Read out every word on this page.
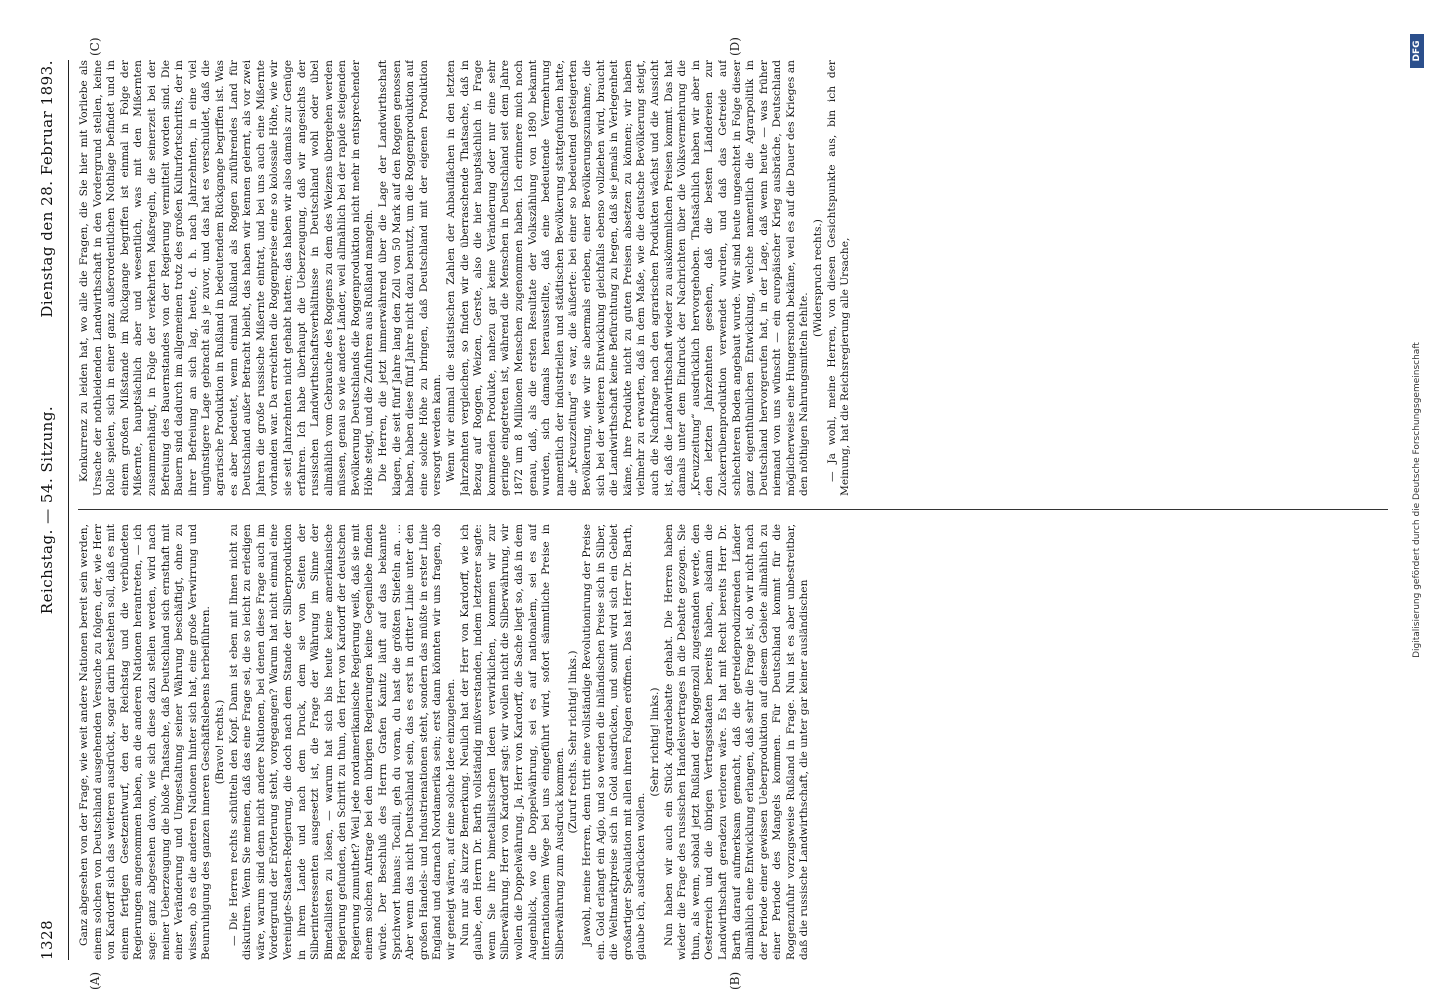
1328
Reichstag. — 54. Sitzung.
Dienstag den 28. Februar 1893.
(A)	(B)
(C)	(D)

Ganz abgesehen von der Frage, wie weit andere Nationen bereit sein werden, einem solchen von Deutschland ausgehenden Versuche zu folgen, der, wie Herr von Kardorff sich das weiteren ausdrückt, sogar darin bestehen soll, daß es mit einem fertigen Gesetzentwurf, den der Reichstag und die verbündeten Regierungen angenommen haben, an die anderen Nationen herantreten, — ich sage: ganz abgesehen davon, wie sich diese dazu stellen werden, wird nach meiner Ueberzeugung die bloße Thatsache, daß Deutschland sich ernsthaft mit einer Veränderung und Umgestaltung seiner Währung beschäftigt, ohne zu wissen, ob es die anderen Nationen hinter sich hat, eine große Verwirrung und Beunruhigung des ganzen inneren Geschäftslebens herbeiführen. (Bravo! rechts.) — Die Herren rechts schütteln den Kopf. Dann ist eben mit Ihnen nicht zu diskutiren. Wenn Sie meinen, daß das eine Frage sei, die so leicht zu erledigen wäre, warum sind denn nicht andere Nationen, bei denen diese Frage auch im Vordergrund der Erörterung steht, vorgegangen? Warum hat nicht einmal eine Vereinigte-Staaten-Regierung, die doch nach dem Stande der Silberproduktion in ihrem Lande und nach dem Druck, dem sie von Seiten der Silberinteressenten ausgesetzt ist, die Frage der Währung im Sinne der Bimetallisten zu lösen, — warum hat sich bis heute keine amerikanische Regierung gefunden, den Schritt zu thun, den Herr von Kardorff der deutschen Regierung zumuthet? Weil jede nordamerikanische Regierung weiß, daß sie mit einem solchen Antrage bei den übrigen Regierungen keine Gegenliebe finden würde. Der Beschluß des Herrn Grafen Kanitz läuft auf das bekannte Sprichwort hinaus: Tocalli, geh du voran, du hast die größten Stiefeln an. ... Aber wenn das nicht Deutschland sein, das es erst in dritter Linie unter den großen Handels- und Industrienationen steht, sondern das müßte in erster Linie England und darnach Nordamerika sein; erst dann könnten wir uns fragen, ob wir geneigt wären, auf eine solche Idee einzugehen. Nun nur als kurze Bemerkung. Neulich hat der Herr von Kardorff, wie ich glaube, den Herrn Dr. Barth vollständig mißverstanden, indem letzterer sagte: wenn Sie ihre bimetallistischen Ideen verwirklichen, kommen wir zur Silberwährung. Herr von Kardorff sagt: wir wollen nicht die Silberwährung, wir wollen die Doppelwährung. Ja, Herr von Kardorff, die Sache liegt so, daß in dem Augenblick, wo die Doppelwährung, sei es auf nationalem, sei es auf internationalem Wege bei uns eingeführt wird, sofort sämmtliche Preise in Silberwährung zum Ausdruck kommen.

(Zuruf rechts. Sehr richtig! links.) Jawohl, meine Herren, denn tritt eine vollständige Revolutionirung der Preise ein. Gold erlangt ein Agio, und so werden die inländischen Preise sich in Silber, die Weltmarktpreise sich in Gold ausdrücken, und somit wird sich ein Gebiet großartiger Spekulation mit allen ihren Folgen eröffnen. Das hat Herr Dr. Barth, glaube ich, ausdrücken wollen.

(Sehr richtig! links.) Nun haben wir auch ein Stück Agrardebatte gehabt. Die Herren haben wieder die Frage des russischen Handelsvertrages in die Debatte gezogen. Sie thun, als wenn, sobald jetzt Rußland der Roggenzoll zugestanden werde, den Oesterreich und die übrigen Vertragsstaaten bereits haben, alsdann die Landwirthschaft geradezu verloren wäre. Es hat mit Recht bereits Herr Dr. Barth darauf aufmerksam gemacht, daß die getreideproduzirenden Länder allmählich eine Entwicklung erlangen, daß sehr die Frage ist, ob wir nicht nach der Periode einer gewissen Ueberproduktion auf diesem Gebiete allmählich zu einer Periode des Mangels kommen. Für Deutschland kommt für die Roggenzufuhr vorzugsweise Rußland in Frage. Nun ist es aber unbestreitbar, daß die russische Landwirthschaft, die unter gar keiner ausländischen

Konkurrenz zu leiden hat, wo alle die Fragen, die Sie hier mit Vorliebe als Ursache der nothleidenden Landwirthschaft in den Vordergrund stellen, keine Rolle spielen, sich in einer ganz außerordentlichen Nothlage befindet und in einem großen Mißstande im Rückgange begriffen ist einmal in Folge der Mißernte, hauptsächlich aber und wesentlich, was mit den Mißernten zusammenhängt, in Folge der verkehrten Maßregeln, die seinerzeit bei der Befreiung des Bauernstandes von der Regierung vermittelt worden sind. Die Bauern sind dadurch im allgemeinen trotz des großen Kulturfortschritts, der in ihrer Befreiung an sich lag, heute, d. h. nach Jahrzehnten, in eine viel ungünstigere Lage gebracht als je zuvor, und das hat es verschuldet, daß die agrarische Produktion in Rußland in bedeutendem Rückgange begriffen ist. Was es aber bedeutet, wenn einmal Rußland als Roggen zuführendes Land für Deutschland außer Betracht bleibt, das haben wir kennen gelernt, als vor zwei Jahren die große russische Mißernte eintrat, und bei uns auch eine Mißernte vorhanden war. Da erreichten die Roggenpreise eine so kolossale Höhe, wie wir sie seit Jahrzehnten nicht gehabt hatten; das haben wir also damals zur Genüge erfahren. Ich habe überhaupt die Ueberzeugung, daß wir angesichts der russischen Landwirthschaftsverhältnisse in Deutschland wohl oder übel allmählich vom Gebrauche des Roggens zu dem des Weizens übergehen werden müssen, genau so wie andere Länder, weil allmählich bei der rapide steigenden Bevölkerung Deutschlands die Roggenproduktion nicht mehr in entsprechender Höhe steigt, und die Zufuhren aus Rußland mangeln. Die Herren, die jetzt immerwährend über die Lage der Landwirthschaft klagen, die seit fünf Jahre lang den Zoll von 50 Mark auf den Roggen genossen haben, haben diese fünf Jahre nicht dazu benutzt, um die Roggenproduktion auf eine solche Höhe zu bringen, daß Deutschland mit der eigenen Produktion versorgt werden kann. Wenn wir einmal die statistischen Zahlen der Anbauflächen in den letzten Jahrzehnten vergleichen, so finden wir die überraschende Thatsache, daß in Bezug auf Roggen, Weizen, Gerste, also die hier hauptsächlich in Frage kommenden Produkte, nahezu gar keine Veränderung oder nur eine sehr geringe eingetreten ist, während die Menschen in Deutschland seit dem Jahre 1872 um 8 Millionen Menschen zugenommen haben. Ich erinnere mich noch genau, daß, als die ersten Resultate der Volkszählung von 1890 bekannt wurden, sich damals herausstellte, daß eine bedeutende Vermehrung namentlich der industriellen und städtischen Bevölkerung stattgefunden hatte, die „Kreuzzeitung“ es war, die äußerte: bei einer so bedeutend gesteigerten Bevölkerung, wie wir sie abermals erleben, einer Bevölkerungszunahme, die sich bei der weiteren Entwicklung gleichfalls ebenso vollziehen wird, braucht die Landwirthschaft keine Befürchtung zu hegen, daß sie jemals in Verlegenheit käme, ihre Produkte nicht zu guten Preisen absetzen zu können; wir haben vielmehr zu erwarten, daß in dem Maße, wie die deutsche Bevölkerung steigt, auch die Nachfrage nach den agrarischen Produkten wächst und die Aussicht ist, daß die Landwirthschaft wieder zu auskömmlichen Preisen kommt. Das hat damals unter dem Eindruck der Nachrichten über die Volksvermehrung die „Kreuzzeitung“ ausdrücklich hervorgehoben. Thatsächlich haben wir aber in den letzten Jahrzehnten gesehen, daß die besten Ländereien zur Zuckerrübenproduktion verwendet wurden, und daß das Getreide auf schlechteren Boden angebaut wurde. Wir sind heute ungeachtet in Folge dieser ganz eigenthümlichen Entwicklung, welche namentlich die Agrarpolitik in Deutschland hervorgerufen hat, in der Lage, daß wenn heute — was früher niemand von uns wünscht — ein europäischer Krieg ausbräche, Deutschland möglicherweise eine Hungersnoth bekäme, weil es auf die Dauer des Krieges an den nöthigen Nahrungsmitteln fehlte.

(Widerspruch rechts.) — Ja wohl, meine Herren, von diesen Gesichtspunkte aus, bin ich der Meinung, hat die Reichsregierung alle Ursache,	Digitalisierung gefördert durch die Deutsche Forschungsgemeinschaft
DFG
